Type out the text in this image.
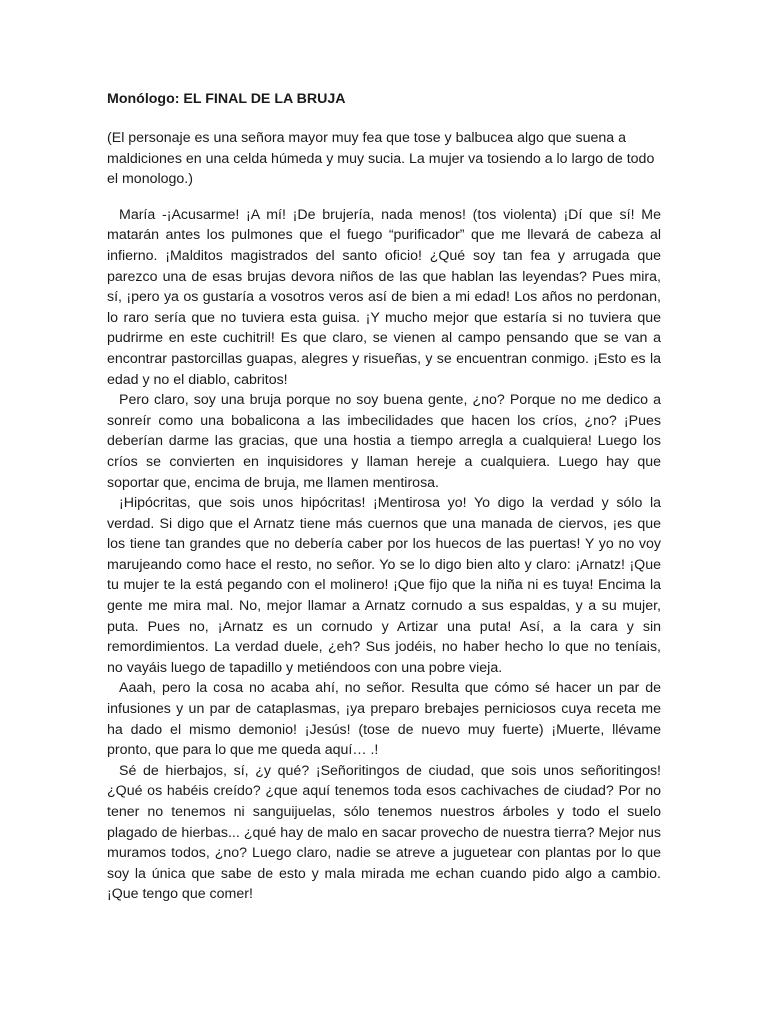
Monólogo: EL FINAL DE LA BRUJA
(El personaje es una señora mayor muy fea que tose y balbucea algo que suena a maldiciones en una celda húmeda y muy sucia. La mujer va tosiendo a lo largo de todo el monologo.)

María -¡Acusarme! ¡A mí! ¡De brujería, nada menos! (tos violenta) ¡Dí que sí! Me matarán antes los pulmones que el fuego “purificador” que me llevará de cabeza al infierno. ¡Malditos magistrados del santo oficio! ¿Qué soy tan fea y arrugada que parezco una de esas brujas devora niños de las que hablan las leyendas? Pues mira, sí, ¡pero ya os gustaría a vosotros veros así de bien a mi edad! Los años no perdonan, lo raro sería que no tuviera esta guisa. ¡Y mucho mejor que estaría si no tuviera que pudrirme en este cuchitril! Es que claro, se vienen al campo pensando que se van a encontrar pastorcillas guapas, alegres y risueñas, y se encuentran conmigo. ¡Esto es la edad y no el diablo, cabritos!

Pero claro, soy una bruja porque no soy buena gente, ¿no? Porque no me dedico a sonreír como una bobalicona a las imbecilidades que hacen los críos, ¿no? ¡Pues deberían darme las gracias, que una hostia a tiempo arregla a cualquiera! Luego los críos se convierten en inquisidores y llaman hereje a cualquiera. Luego hay que soportar que, encima de bruja, me llamen mentirosa.

¡Hipócritas, que sois unos hipócritas! ¡Mentirosa yo! Yo digo la verdad y sólo la verdad. Si digo que el Arnatz tiene más cuernos que una manada de ciervos, ¡es que los tiene tan grandes que no debería caber por los huecos de las puertas! Y yo no voy marujeando como hace el resto, no señor. Yo se lo digo bien alto y claro: ¡Arnatz! ¡Que tu mujer te la está pegando con el molinero! ¡Que fijo que la niña ni es tuya! Encima la gente me mira mal. No, mejor llamar a Arnatz cornudo a sus espaldas, y a su mujer, puta. Pues no, ¡Arnatz es un cornudo y Artizar una puta! Así, a la cara y sin remordimientos. La verdad duele, ¿eh? Sus jodéis, no haber hecho lo que no teníais, no vayáis luego de tapadillo y metiéndoos con una pobre vieja.

Aaah, pero la cosa no acaba ahí, no señor. Resulta que cómo sé hacer un par de infusiones y un par de cataplasmas, ¡ya preparo brebajes perniciosos cuya receta me ha dado el mismo demonio! ¡Jesús! (tose de nuevo muy fuerte) ¡Muerte, llévame pronto, que para lo que me queda aquí… .!

Sé de hierbajos, sí, ¿y qué? ¡Señoritingos de ciudad, que sois unos señoritingos! ¿Qué os habéis creído? ¿que aquí tenemos toda esos cachivaches de ciudad? Por no tener no tenemos ni sanguijuelas, sólo tenemos nuestros árboles y todo el suelo plagado de hierbas... ¿qué hay de malo en sacar provecho de nuestra tierra? Mejor nus muramos todos, ¿no? Luego claro, nadie se atreve a juguetear con plantas por lo que soy la única que sabe de esto y mala mirada me echan cuando pido algo a cambio. ¡Que tengo que comer!
